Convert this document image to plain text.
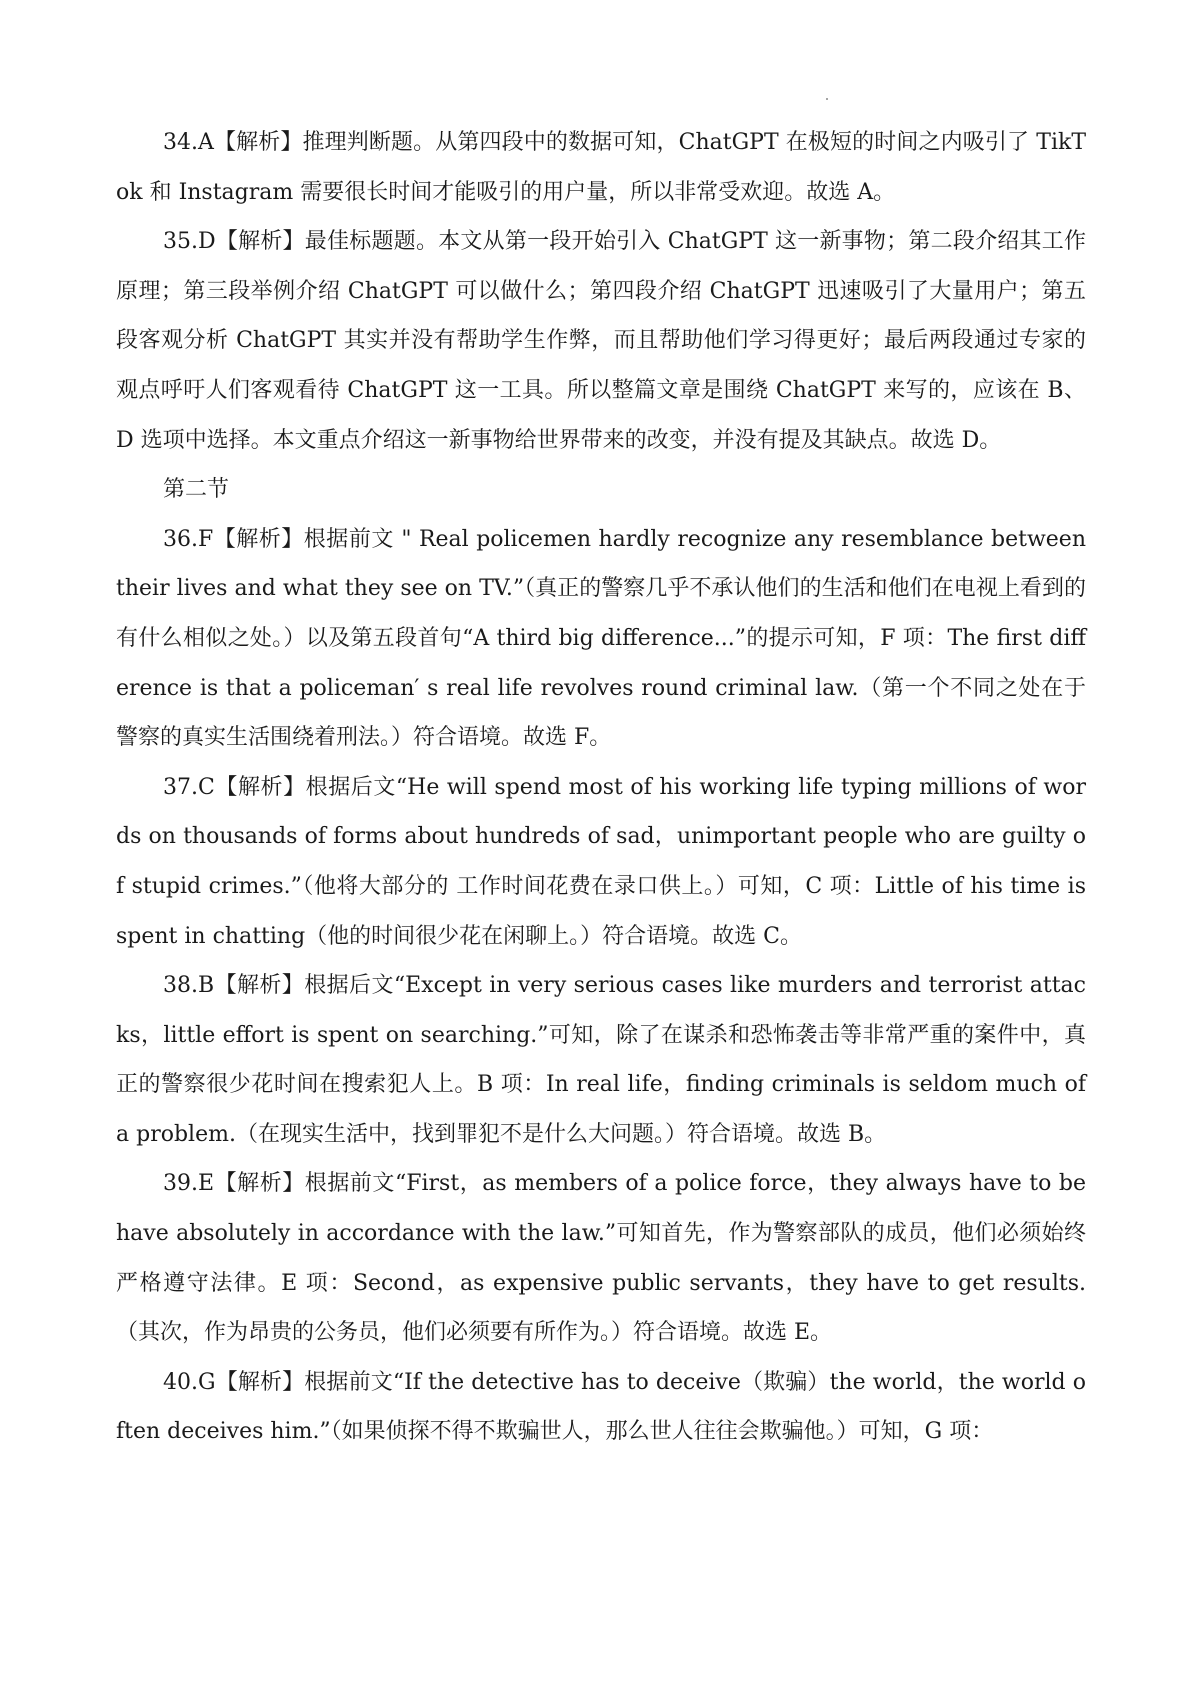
34.A【解析】推理判断题。从第四段中的数据可知，ChatGPT 在极短的时间之内吸引了 TikTok 和 Instagram 需要很长时间才能吸引的用户量，所以非常受欢迎。故选 A。

35.D【解析】最佳标题题。本文从第一段开始引入 ChatGPT 这一新事物；第二段介绍其工作原理；第三段举例介绍 ChatGPT 可以做什么；第四段介绍 ChatGPT 迅速吸引了大量用户；第五段客观分析 ChatGPT 其实并没有帮助学生作弊，而且帮助他们学习得更好；最后两段通过专家的观点呼吁人们客观看待 ChatGPT 这一工具。所以整篇文章是围绕 ChatGPT 来写的，应该在 B、D 选项中选择。本文重点介绍这一新事物给世界带来的改变，并没有提及其缺点。故选 D。

第二节

36.F【解析】根据前文 " Real policemen hardly recognize any resemblance between their lives and what they see on TV.”（真正的警察几乎不承认他们的生活和他们在电视上看到的有什么相似之处。）以及第五段首句“A third big difference...”的提示可知，F 项：The first difference is that a policeman′ s real life revolves round criminal law.（第一个不同之处在于警察的真实生活围绕着刑法。）符合语境。故选 F。

37.C【解析】根据后文“He will spend most of his working life typing millions of words on thousands of forms about hundreds of sad，unimportant people who are guilty of stupid crimes.”（他将大部分的 工作时间花费在录口供上。）可知，C 项：Little of his time is spent in chatting（他的时间很少花在闲聊上。）符合语境。故选 C。

38.B【解析】根据后文“Except in very serious cases like murders and terrorist attacks，little effort is spent on searching.”可知，除了在谋杀和恐怖袭击等非常严重的案件中，真正的警察很少花时间在搜索犯人上。B 项：In real life，finding criminals is seldom much of a problem.（在现实生活中，找到罪犯不是什么大问题。）符合语境。故选 B。

39.E【解析】根据前文“First，as members of a police force，they always have to behave absolutely in accordance with the law.”可知首先，作为警察部队的成员，他们必须始终严格遵守法律。E 项：Second，as expensive public servants，they have to get results.（其次，作为昂贵的公务员，他们必须要有所作为。）符合语境。故选 E。

40.G【解析】根据前文“If the detective has to deceive（欺骗）the world，the world often deceives him.”（如果侦探不得不欺骗世人，那么世人往往会欺骗他。）可知，G 项：
